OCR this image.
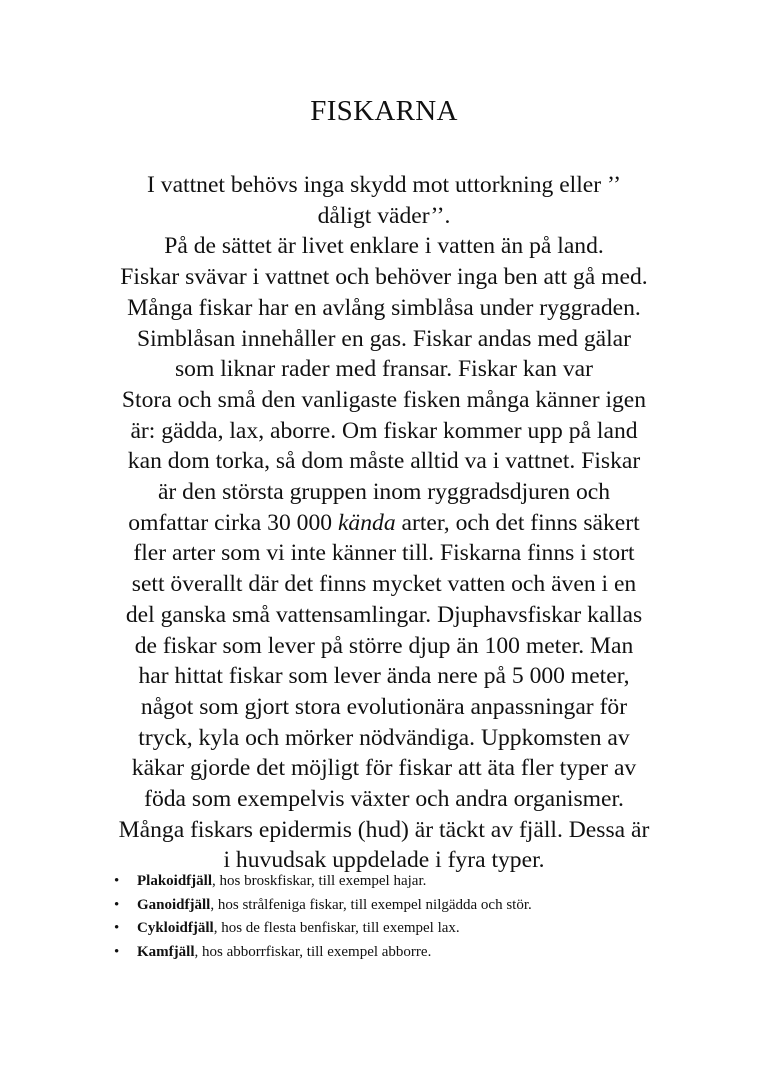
FISKARNA
I vattnet behövs inga skydd mot uttorkning eller ’’
dåligt väder’’.
På de sättet är livet enklare i vatten än på land.
Fiskar svävar i vattnet och behöver inga ben att gå med.
Många fiskar har en avlång simblåsa under ryggraden.
Simblåsan innehåller en gas. Fiskar andas med gälar
som liknar rader med fransar. Fiskar kan var
Stora och små den vanligaste fisken många känner igen
är: gädda, lax, aborre. Om fiskar kommer upp på land
kan dom torka, så dom måste alltid va i vattnet. Fiskar
är den största gruppen inom ryggradsdjuren och
omfattar cirka 30 000 kända arter, och det finns säkert
fler arter som vi inte känner till. Fiskarna finns i stort
sett överallt där det finns mycket vatten och även i en
del ganska små vattensamlingar. Djuphavsfiskar kallas
de fiskar som lever på större djup än 100 meter. Man
har hittat fiskar som lever ända nere på 5 000 meter,
något som gjort stora evolutionära anpassningar för
tryck, kyla och mörker nödvändiga. Uppkomsten av
käkar gjorde det möjligt för fiskar att äta fler typer av
föda som exempelvis växter och andra organismer.
Många fiskars epidermis (hud) är täckt av fjäll. Dessa är
i huvudsak uppdelade i fyra typer.
• Plakoidfjäll, hos broskfiskar, till exempel hajar.
• Ganoidfjäll, hos strålfeniga fiskar, till exempel nilgädda och stör.
• Cykloidfjäll, hos de flesta benfiskar, till exempel lax.
• Kamfjäll, hos abborrfiskar, till exempel abborre.
